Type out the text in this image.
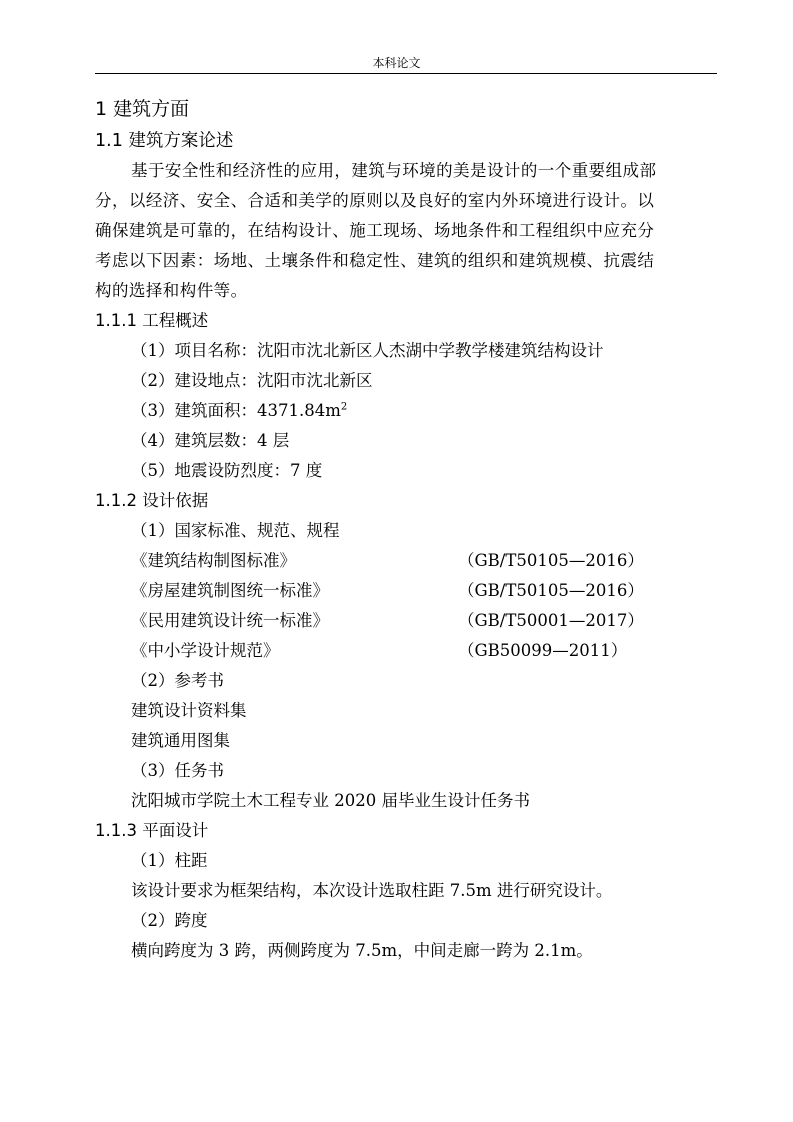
本科论文
1 建筑方面
1.1 建筑方案论述

基于安全性和经济性的应用，建筑与环境的美是设计的一个重要组成部

分，以经济、安全、合适和美学的原则以及良好的室内外环境进行设计。以

确保建筑是可靠的，在结构设计、施工现场、场地条件和工程组织中应充分

考虑以下因素：场地、土壤条件和稳定性、建筑的组织和建筑规模、抗震结

构的选择和构件等。

1.1.1 工程概述
（1）项目名称：沈阳市沈北新区人杰湖中学教学楼建筑结构设计
（2）建设地点：沈阳市沈北新区
（3）建筑面积：$4371.84m^2$
（4）建筑层数：4 层
（5）地震设防烈度：7 度
1.1.2 设计依据
（1）国家标准、规范、规程
《建筑结构制图标准》	（GB/T50105—2016）
《房屋建筑制图统一标准》	（GB/T50105—2016）
《民用建筑设计统一标准》	（GB/T50001—2017）
《中小学设计规范》	（GB50099—2011）
（2）参考书
建筑设计资料集
建筑通用图集
（3）任务书
沈阳城市学院土木工程专业 2020 届毕业生设计任务书
1.1.3 平面设计
（1）柱距
该设计要求为框架结构，本次设计选取柱距 7.5m 进行研究设计。
（2）跨度
横向跨度为 3 跨，两侧跨度为 7.5m，中间走廊一跨为 2.1m。
